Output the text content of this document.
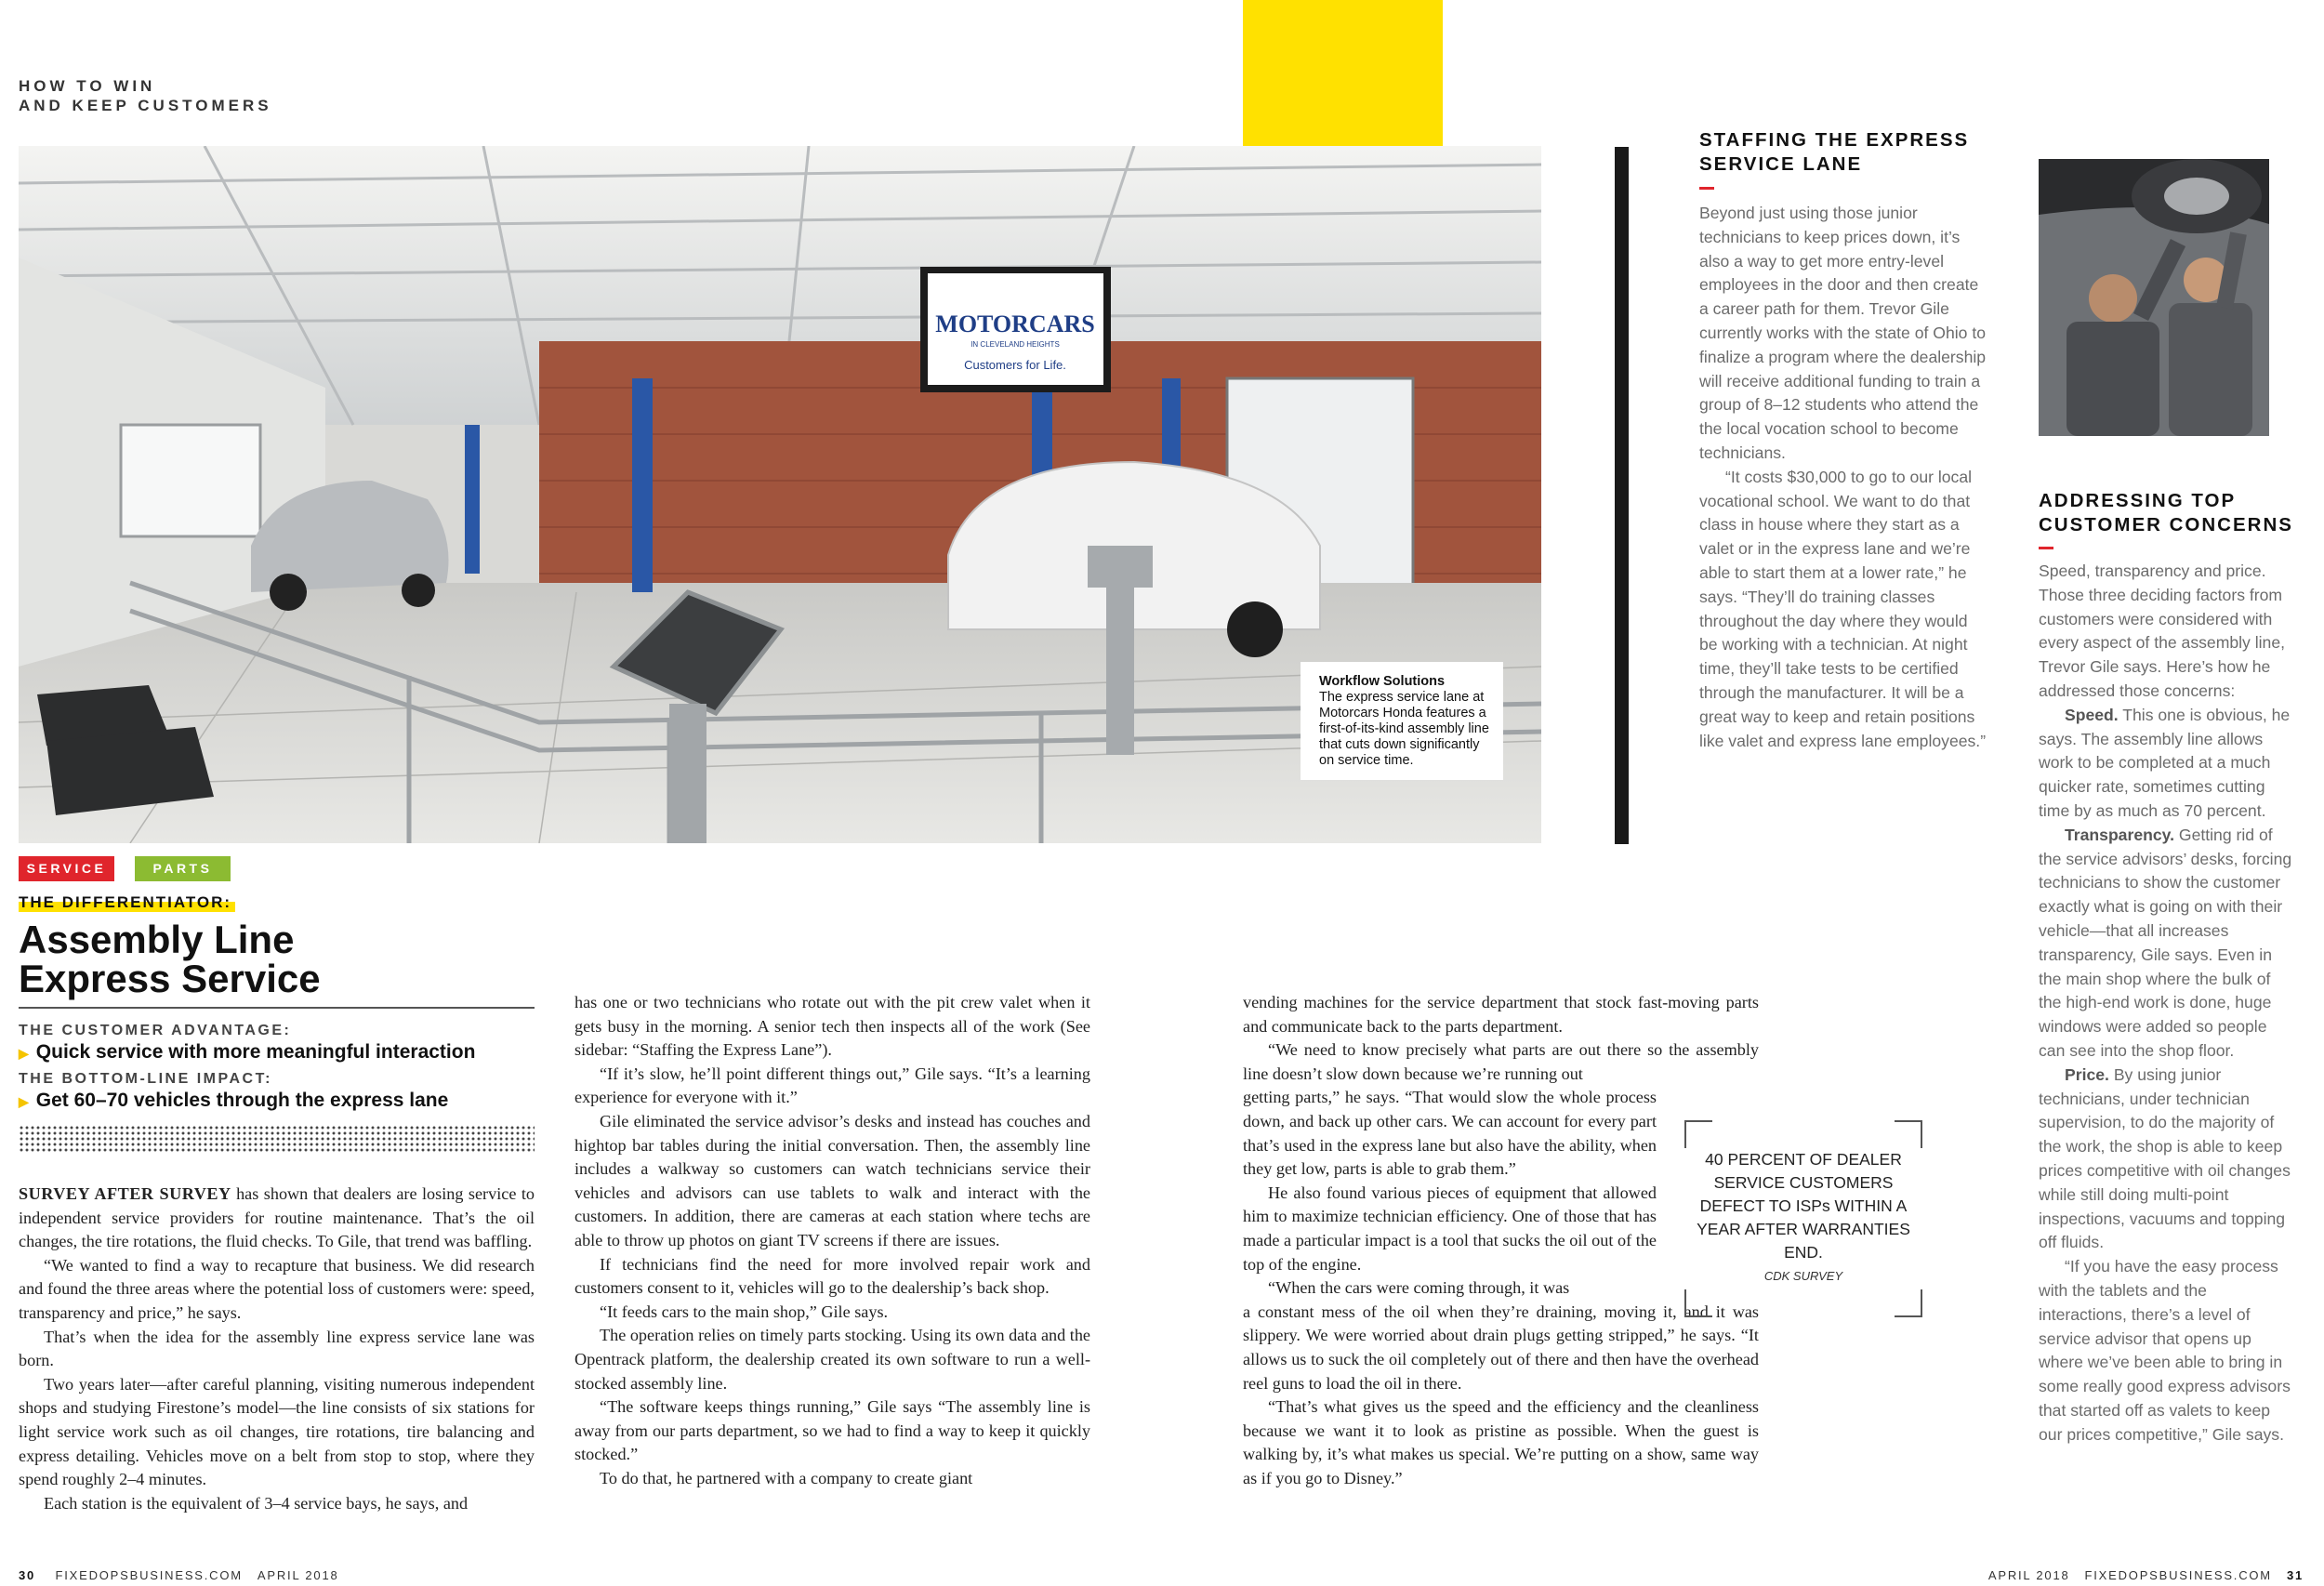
HOW TO WIN
AND KEEP CUSTOMERS
MOTORCARS
IN CLEVELAND HEIGHTS
Customers for Life.
Workflow Solutions
The express service lane at Motorcars Honda features a first-of-its-kind assembly line that cuts down significantly on service time.
SERVICE	PARTS
THE DIFFERENTIATOR:
Assembly Line
Express Service
THE CUSTOMER ADVANTAGE:
▶ Quick service with more meaningful interaction
THE BOTTOM-LINE IMPACT:
▶ Get 60–70 vehicles through the express lane

SURVEY AFTER SURVEY has shown that dealers are losing service to independent service providers for routine maintenance. That’s the oil changes, the tire rotations, the fluid checks. To Gile, that trend was baffling.

“We wanted to find a way to recapture that business. We did research and found the three areas where the potential loss of customers were: speed, transparency and price,” he says.

That’s when the idea for the assembly line express service lane was born.

Two years later—after careful planning, visiting numerous independent shops and studying Firestone’s model—the line consists of six stations for light service work such as oil changes, tire rotations, tire balancing and express detailing. Vehicles move on a belt from stop to stop, where they spend roughly 2–4 minutes.

Each station is the equivalent of 3–4 service bays, he says, and

has one or two technicians who rotate out with the pit crew valet when it gets busy in the morning. A senior tech then inspects all of the work (See sidebar: “Staffing the Express Lane”).

“If it’s slow, he’ll point different things out,” Gile says. “It’s a learning experience for everyone with it.”

Gile eliminated the service advisor’s desks and instead has couches and hightop bar tables during the initial conversation. Then, the assembly line includes a walkway so customers can watch technicians service their vehicles and advisors can use tablets to walk and interact with the customers. In addition, there are cameras at each station where techs are able to throw up photos on giant TV screens if there are issues.

If technicians find the need for more involved repair work and customers consent to it, vehicles will go to the dealership’s back shop.

“It feeds cars to the main shop,” Gile says.

The operation relies on timely parts stocking. Using its own data and the Opentrack platform, the dealership created its own software to run a well-stocked assembly line.

“The software keeps things running,” Gile says “The assembly line is away from our parts department, so we had to find a way to keep it quickly stocked.”

To do that, he partnered with a company to create giant

vending machines for the service department that stock fast-moving parts and communicate back to the parts department.

“We need to know precisely what parts are out there so the assembly line doesn’t slow down because we’re running out

getting parts,” he says. “That would slow the whole process down, and back up other cars. We can account for every part that’s used in the express lane but also have the ability, when they get low, parts is able to grab them.”

He also found various pieces of equipment that allowed him to maximize technician efficiency. One of those that has made a particular impact is a tool that sucks the oil out of the top of the engine.

“When the cars were coming through, it was

a constant mess of the oil when they’re draining, moving it, and it was slippery. We were worried about drain plugs getting stripped,” he says. “It allows us to suck the oil completely out of there and then have the overhead reel guns to load the oil in there.

“That’s what gives us the speed and the efficiency and the cleanliness because we want it to look as pristine as possible. When the guest is walking by, it’s what makes us special. We’re putting on a show, same way as if you go to Disney.”

40 PERCENT OF DEALER SERVICE CUSTOMERS DEFECT TO ISPs WITHIN A YEAR AFTER WARRANTIES END.
CDK SURVEY
STAFFING THE EXPRESS
SERVICE LANE

Beyond just using those junior technicians to keep prices down, it’s also a way to get more entry-level employees in the door and then create a career path for them. Trevor Gile currently works with the state of Ohio to finalize a program where the dealership will receive additional funding to train a group of 8–12 students who attend the the local vocation school to become technicians.

“It costs $30,000 to go to our local vocational school. We want to do that class in house where they start as a valet or in the express lane and we’re able to start them at a lower rate,” he says. “They’ll do training classes throughout the day where they would be working with a technician. At night time, they’ll take tests to be certified through the manufacturer. It will be a great way to keep and retain positions like valet and express lane employees.”

ADDRESSING TOP
CUSTOMER CONCERNS

Speed, transparency and price. Those three deciding factors from customers were considered with every aspect of the assembly line, Trevor Gile says. Here’s how he addressed those concerns:

Speed. This one is obvious, he says. The assembly line allows work to be completed at a much quicker rate, sometimes cutting time by as much as 70 percent.

Transparency. Getting rid of the service advisors’ desks, forcing technicians to show the customer exactly what is going on with their vehicle—that all increases transparency, Gile says. Even in the main shop where the bulk of the high-end work is done, huge windows were added so people can see into the shop floor.

Price. By using junior technicians, under technician supervision, to do the majority of the work, the shop is able to keep prices competitive with oil changes while still doing multi-point inspections, vacuums and topping off fluids.

“If you have the easy process with the tablets and the interactions, there’s a level of service advisor that opens up where we’ve been able to bring in some really good express advisors that started off as valets to keep our prices competitive,” Gile says.

30 FIXEDOPSBUSINESS.COM APRIL 2018	APRIL 2018 FIXEDOPSBUSINESS.COM 31
